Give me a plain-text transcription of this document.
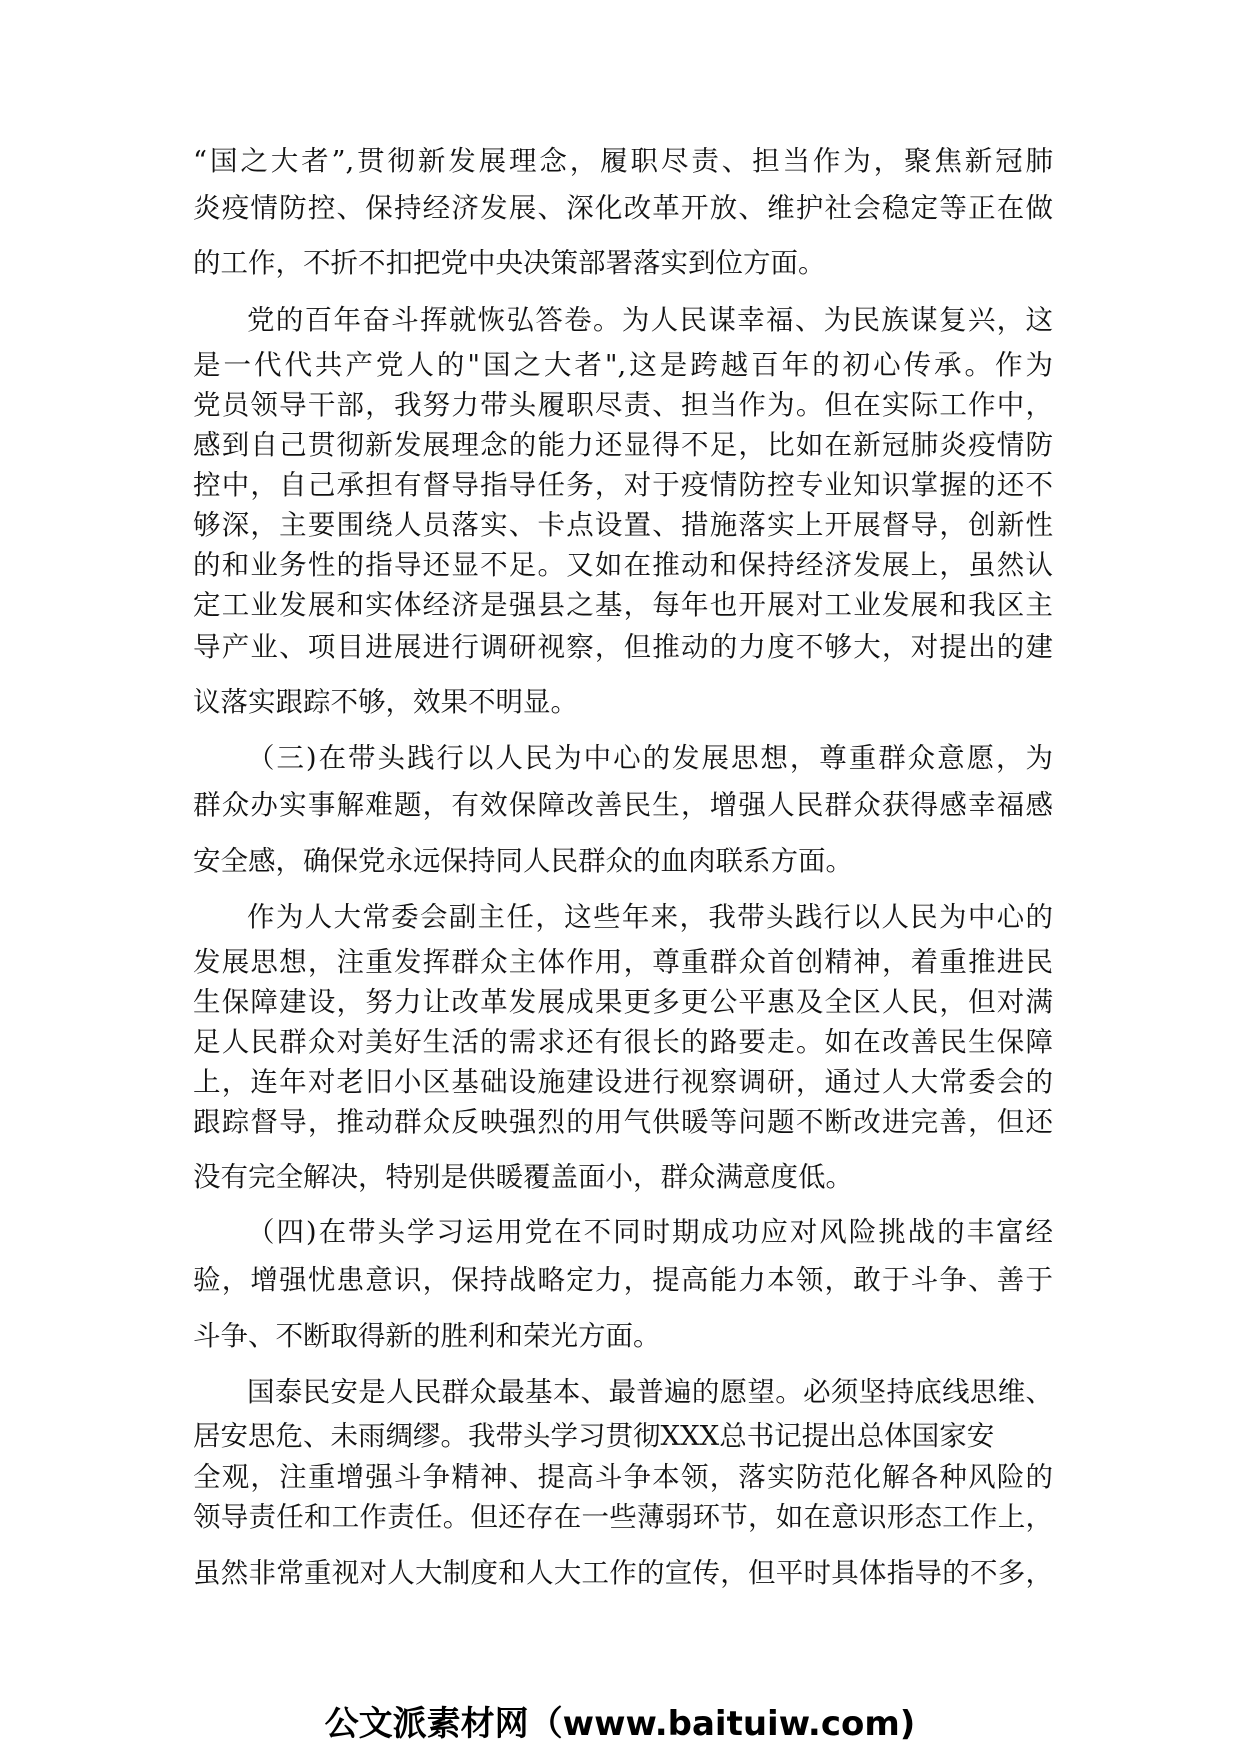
“国之大者”,贯彻新发展理念，履职尽责、担当作为，聚焦新冠肺
炎疫情防控、保持经济发展、深化改革开放、维护社会稳定等正在做
的工作，不折不扣把党中央决策部署落实到位方面。
党的百年奋斗挥就恢弘答卷。为人民谋幸福、为民族谋复兴，这
是一代代共产党人的"国之大者",这是跨越百年的初心传承。作为
党员领导干部，我努力带头履职尽责、担当作为。但在实际工作中，
感到自己贯彻新发展理念的能力还显得不足，比如在新冠肺炎疫情防
控中，自己承担有督导指导任务，对于疫情防控专业知识掌握的还不
够深，主要围绕人员落实、卡点设置、措施落实上开展督导，创新性
的和业务性的指导还显不足。又如在推动和保持经济发展上，虽然认
定工业发展和实体经济是强县之基，每年也开展对工业发展和我区主
导产业、项目进展进行调研视察，但推动的力度不够大，对提出的建
议落实跟踪不够，效果不明显。
（三)在带头践行以人民为中心的发展思想，尊重群众意愿，为
群众办实事解难题，有效保障改善民生，增强人民群众获得感幸福感
安全感，确保党永远保持同人民群众的血肉联系方面。
作为人大常委会副主任，这些年来，我带头践行以人民为中心的
发展思想，注重发挥群众主体作用，尊重群众首创精神，着重推进民
生保障建设，努力让改革发展成果更多更公平惠及全区人民，但对满
足人民群众对美好生活的需求还有很长的路要走。如在改善民生保障
上，连年对老旧小区基础设施建设进行视察调研，通过人大常委会的
跟踪督导，推动群众反映强烈的用气供暖等问题不断改进完善，但还
没有完全解决，特别是供暖覆盖面小，群众满意度低。
（四)在带头学习运用党在不同时期成功应对风险挑战的丰富经
验，增强忧患意识，保持战略定力，提高能力本领，敢于斗争、善于
斗争、不断取得新的胜利和荣光方面。
国泰民安是人民群众最基本、最普遍的愿望。必须坚持底线思维、
居安思危、未雨绸缪。我带头学习贯彻XXX总书记提出总体国家安
全观，注重增强斗争精神、提高斗争本领，落实防范化解各种风险的
领导责任和工作责任。但还存在一些薄弱环节，如在意识形态工作上，
虽然非常重视对人大制度和人大工作的宣传，但平时具体指导的不多，
公文派素材网（www.baituiw.com)
